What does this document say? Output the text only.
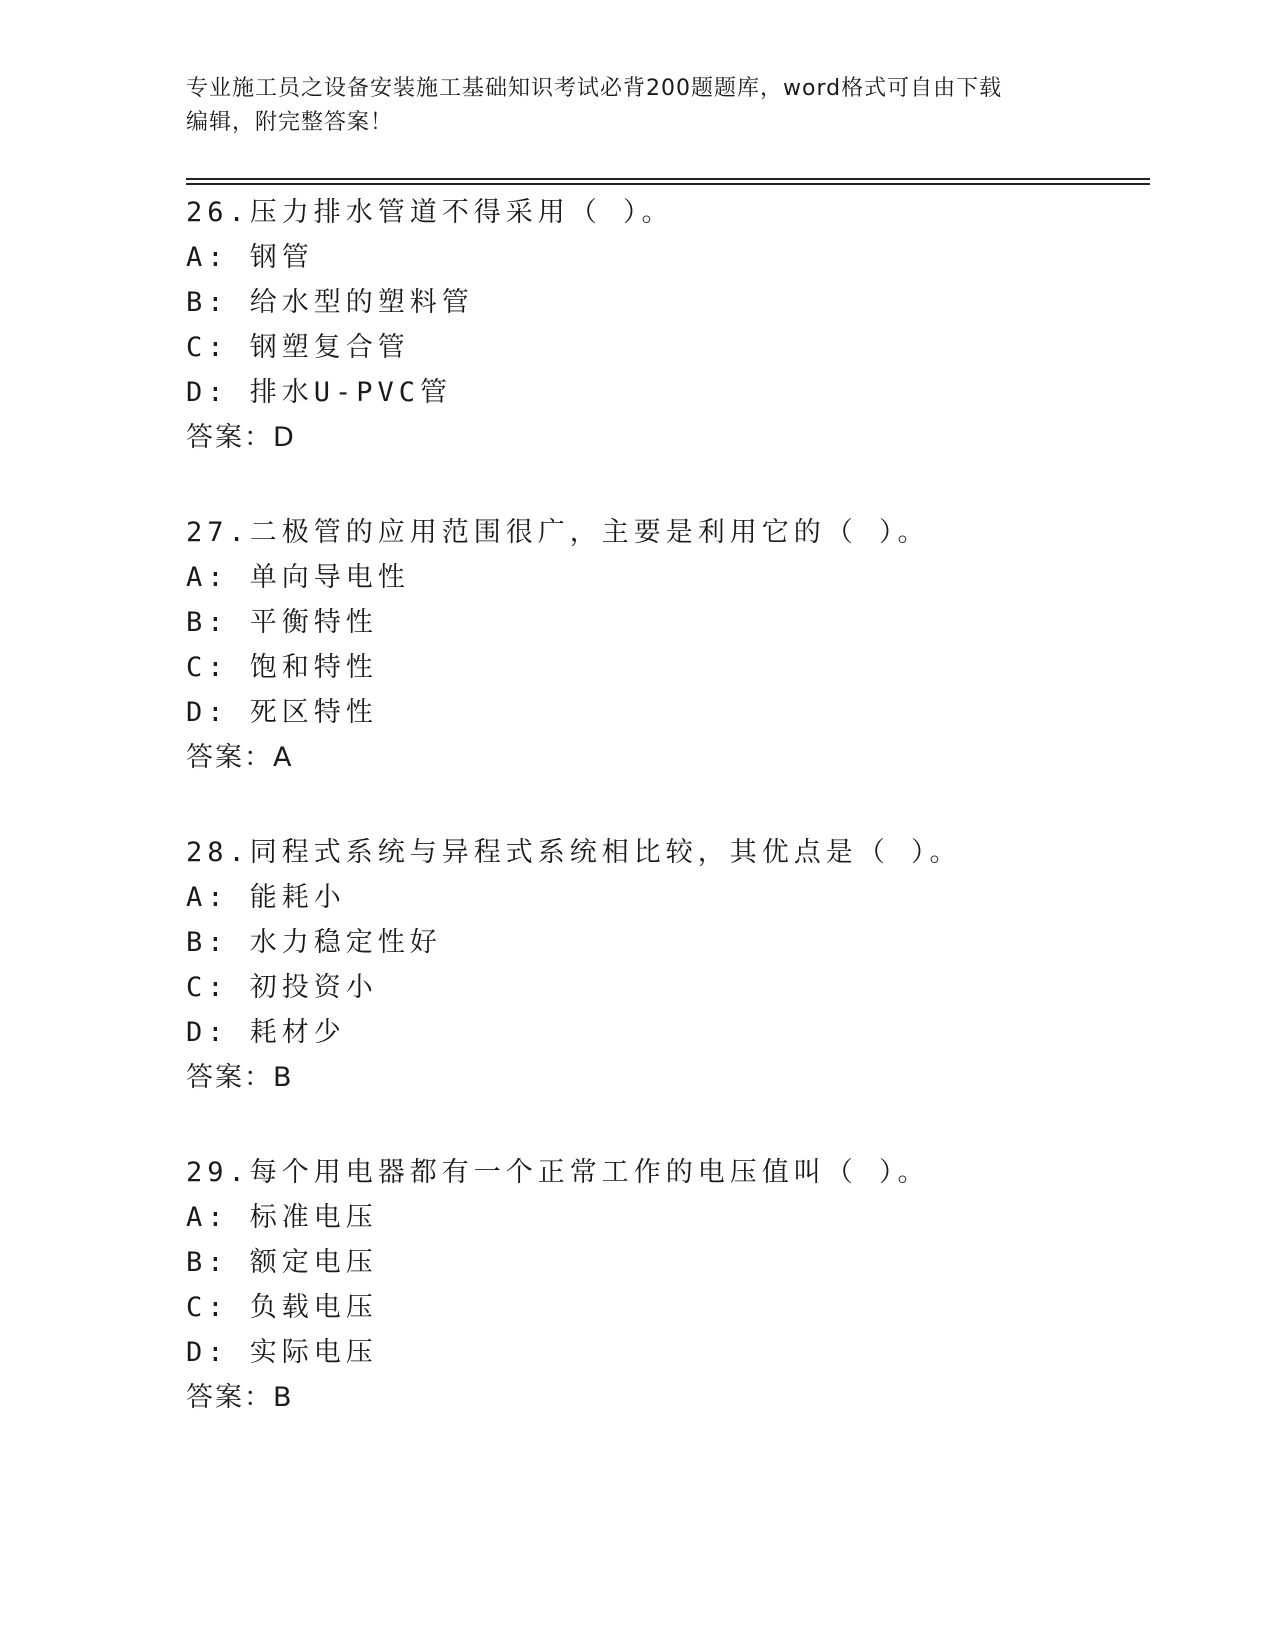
专业施工员之设备安装施工基础知识考试必背200题题库，word格式可自由下载
编辑，附完整答案！
26.压力排水管道不得采用（ ）。
A: 钢管
B: 给水型的塑料管
C: 钢塑复合管
D: 排水U-PVC管
答案：D
27.二极管的应用范围很广，主要是利用它的（ ）。
A: 单向导电性
B: 平衡特性
C: 饱和特性
D: 死区特性
答案：A
28.同程式系统与异程式系统相比较，其优点是（ ）。
A: 能耗小
B: 水力稳定性好
C: 初投资小
D: 耗材少
答案：B
29.每个用电器都有一个正常工作的电压值叫（ ）。
A: 标准电压
B: 额定电压
C: 负载电压
D: 实际电压
答案：B
